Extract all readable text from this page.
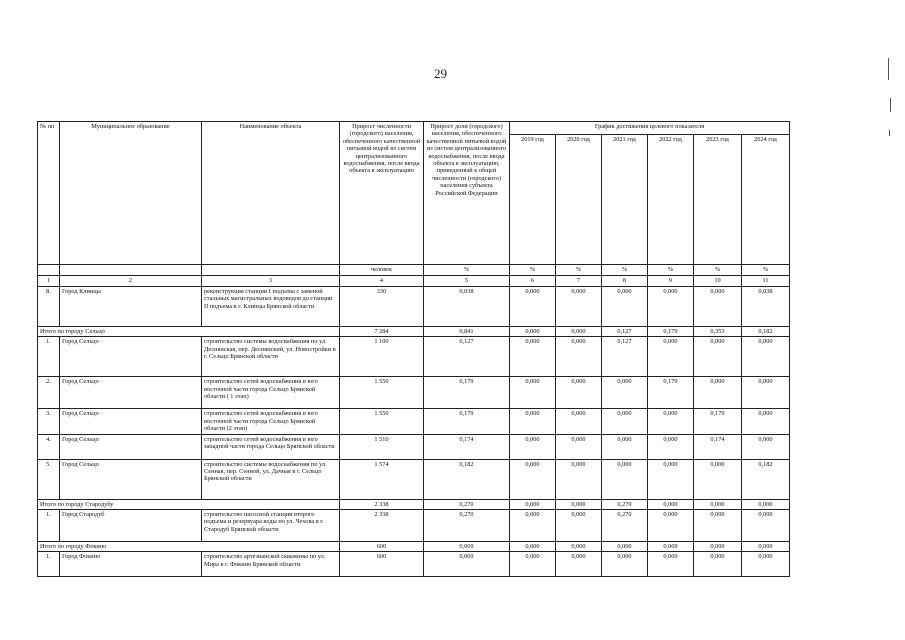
29
№ пп	Муниципальное образование	Наименование объекта	Прирост численности (городского) населения, обеспеченного качественной питьевой водой из систем централизованного водоснабжения, после ввода объекта в эксплуатацию	Прирост доли (городского) населения, обеспеченного качественной питьевой водой из систем централизованного водоснабжения, после ввода объекта в эксплуатацию, приведенный к общей численности (городского) населения субъекта Российской Федерации	График достижения целевого показателя					
					2019 год	2020 год	2021 год	2022 год	2023 год	2024 год
			человек	%	%	%	%	%	%	%
1	2	3	4	5	6	7	8	9	10	11
8.	Город Клинцы	реконструкция станции I подъема с заменой стальных магистральных водоводов до станции II подъема в г. Клинцы Брянской области	330	0,038	0,000	0,000	0,000	0,000	0,000	0,038
Итого по городу Сельцо			7 284	0,841	0,000	0,000	0,127	0,179	0,353	0,182
1.	Город Сельцо	строительство системы водоснабжения по ул. Деснянская, пер. Деснянский, ул. Новостройки в г. Сельцо Брянской области	1 100	0,127	0,000	0,000	0,127	0,000	0,000	0,000
2.	Город Сельцо	строительство сетей водоснабжения в юго восточной части города Сельцо Брянской области ( 1 этап)	1 550	0,179	0,000	0,000	0,000	0,179	0,000	0,000
3.	Город Сельцо	строительство сетей водоснабжения в юго восточной части города Сельцо Брянской области (2 этап)	1 550	0,179	0,000	0,000	0,000	0,000	0,179	0,000
4.	Город Сельцо	строительство сетей водоснабжения в юго западной части города Сельцо Брянской области	1 510	0,174	0,000	0,000	0,000	0,000	0,174	0,000
5.	Город Сельцо	строительство системы водоснабжения по ул. Сенная, пер. Сенной, ул. Дачная в г. Сельцо Брянской области	1 574	0,182	0,000	0,000	0,000	0,000	0,000	0,182
Итого по городу Стародубу			2 338	0,270	0,000	0,000	0,270	0,000	0,000	0,000
1.	Город Стародуб	строительство насосной станции второго подъема и резервуара воды по ул. Чехова в г. Стародуб Брянской области	2 338	0,270	0,000	0,000	0,270	0,000	0,000	0,000
Итого по городу Фокино			600	0,069	0,000	0,000	0,000	0,069	0,000	0,000
1.	Город Фокино	строительство артезианской скважины по ул. Мира в г. Фокино Брянской области	600	0,069	0,000	0,000	0,000	0,069	0,000	0,000
